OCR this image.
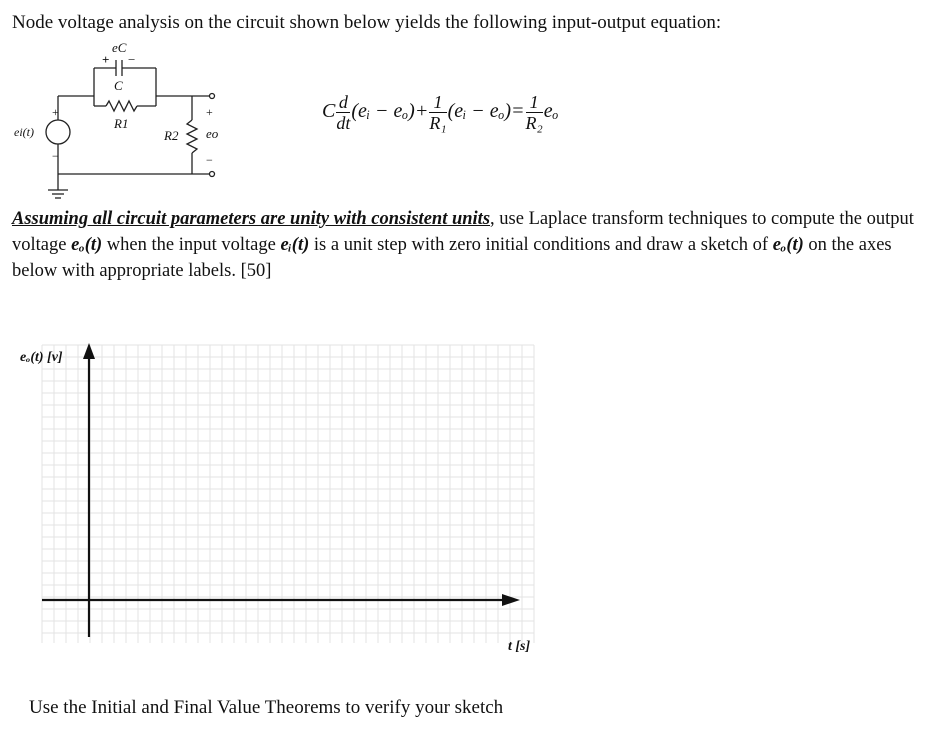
Node voltage analysis on the circuit shown below yields the following input-output equation:
eC
+ −
C
R1
R2
ei(t)
+
−
+
eo
−
C $\frac{d}{dt}$ (eᵢ − $e_o)+ \frac{1}{\text{R₁}}$ (eᵢ − $e_o)= \frac{1}{\text{R₂}}$ eₒ
Assuming all circuit parameters are unity with consistent units, use Laplace transform techniques to compute the output voltage eₒ(t) when the input voltage eᵢ(t) is a unit step with zero initial conditions and draw a sketch of eₒ(t) on the axes below with appropriate labels. [50]
eₒ(t) [v]
t [s]
Use the Initial and Final Value Theorems to verify your sketch
